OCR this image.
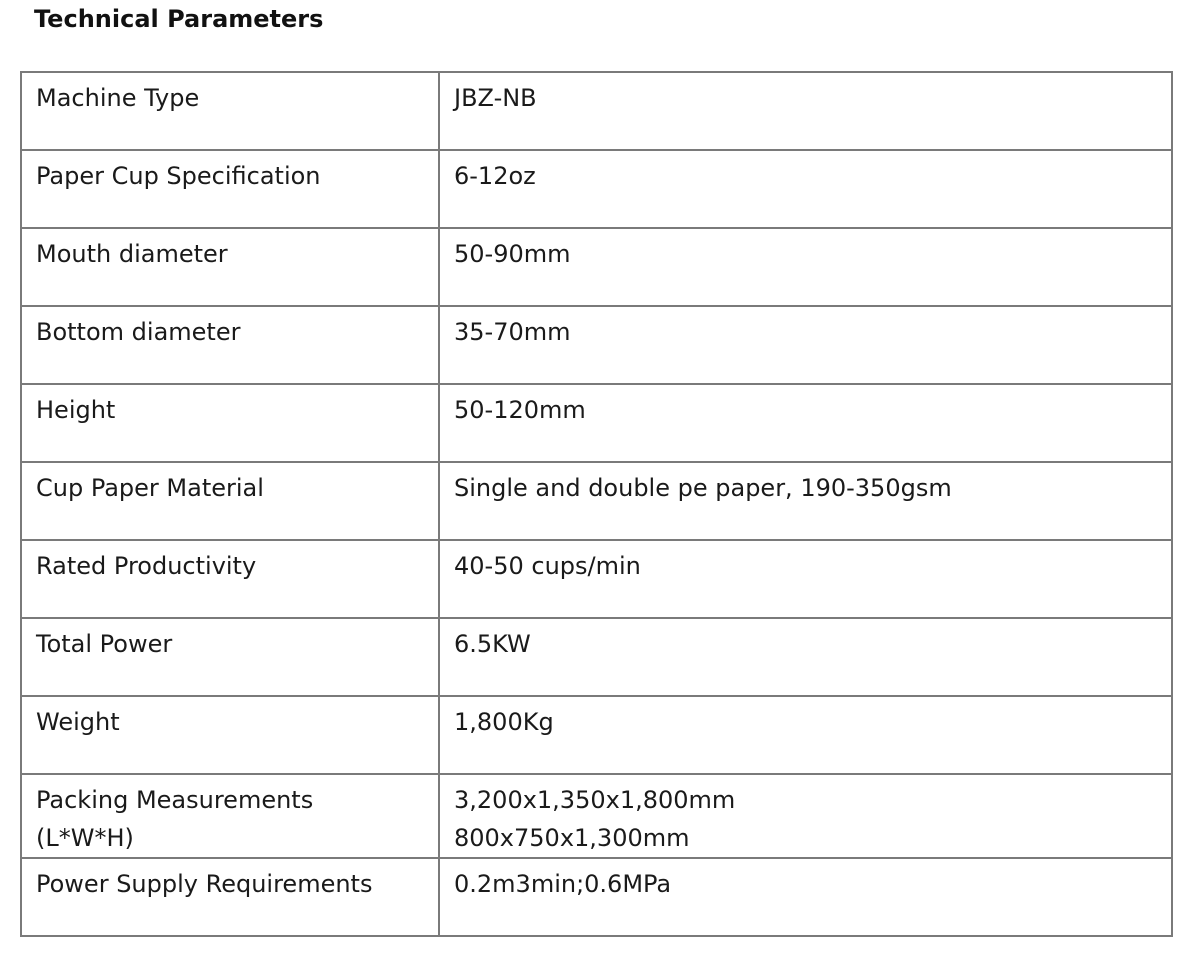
Technical Parameters
Machine Type	JBZ-NB

Paper Cup Specification	6-12oz

Mouth diameter	50-90mm

Bottom diameter	35-70mm

Height	50-120mm

Cup Paper Material	Single and double pe paper, 190-350gsm

Rated Productivity	40-50 cups/min

Total Power	6.5KW

Weight	1,800Kg

Packing Measurements
(L*W*H)	3,200x1,350x1,800mm
800x750x1,300mm

Power Supply Requirements	0.2m3min;0.6MPa
